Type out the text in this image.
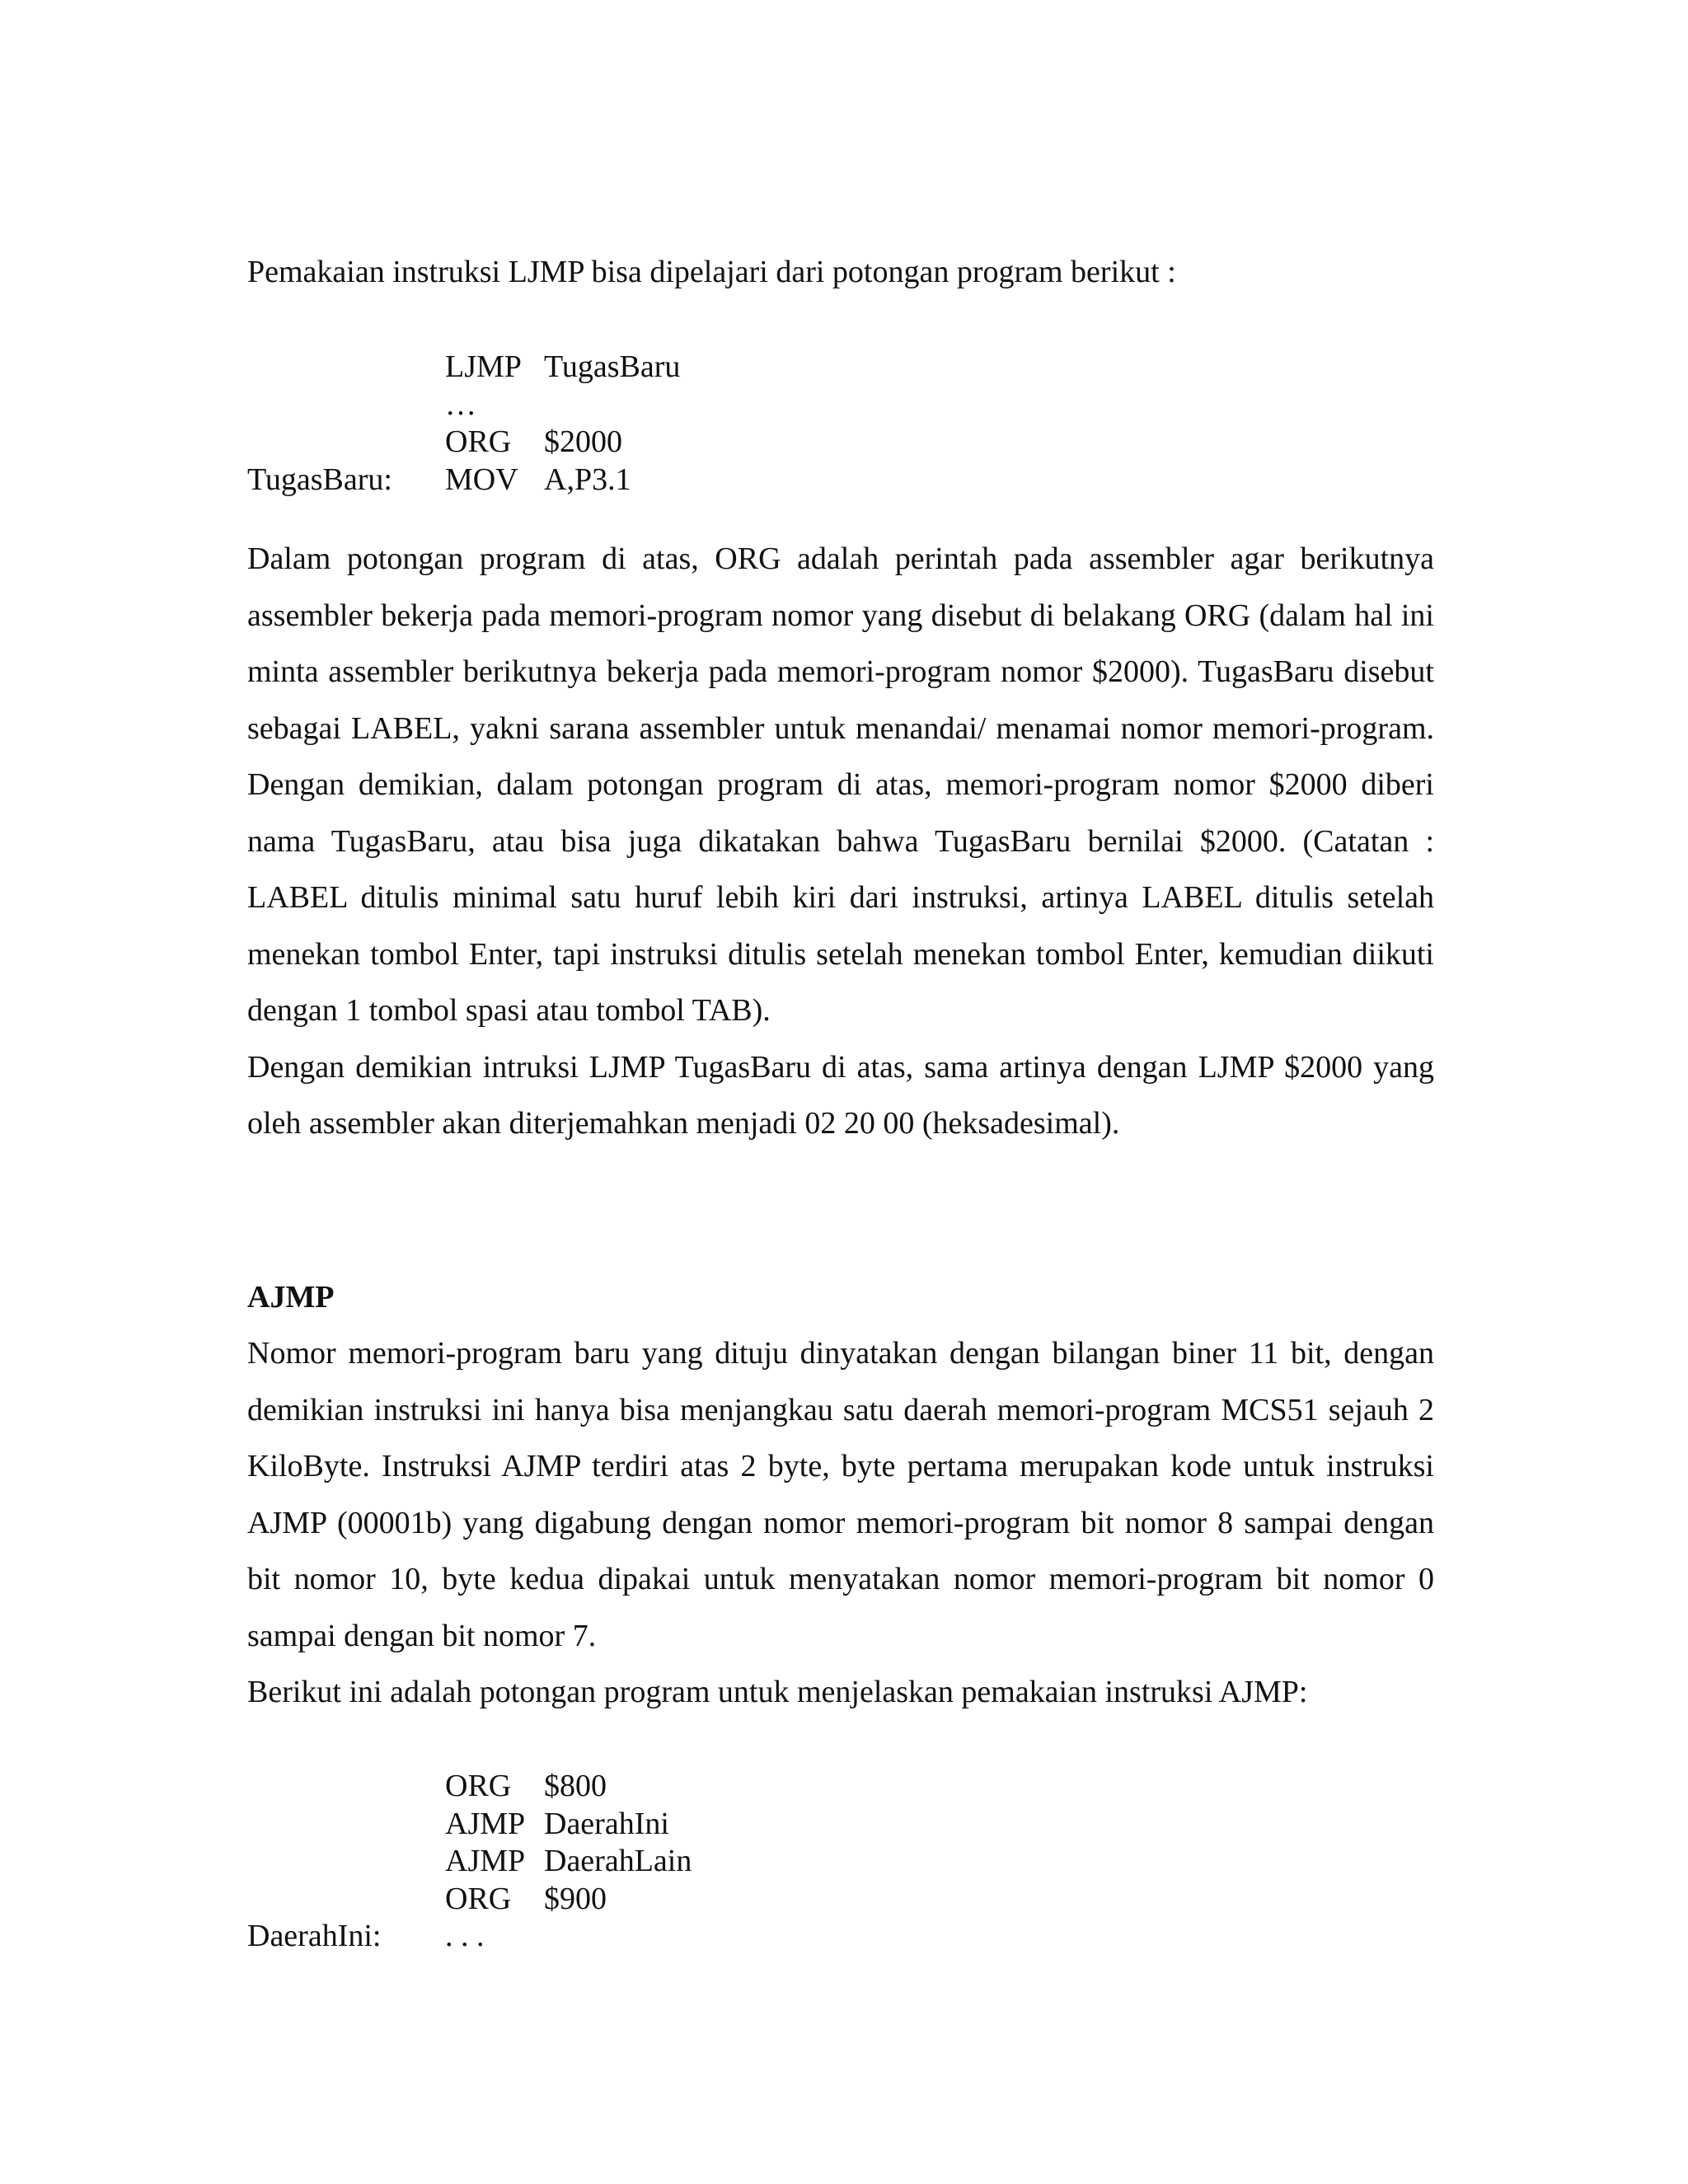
Pemakaian instruksi LJMP bisa dipelajari dari potongan program berikut :

LJMP TugasBaru
…
ORG $2000
TugasBaru: MOV A,P3.1

Dalam potongan program di atas, ORG adalah perintah pada assembler agar berikutnya assembler bekerja pada memori-program nomor yang disebut di belakang ORG (dalam hal ini minta assembler berikutnya bekerja pada memori-program nomor $2000). TugasBaru disebut sebagai LABEL, yakni sarana assembler untuk menandai/ menamai nomor memori-program. Dengan demikian, dalam potongan program di atas, memori-program nomor $2000 diberi nama TugasBaru, atau bisa juga dikatakan bahwa TugasBaru bernilai $2000. (Catatan : LABEL ditulis minimal satu huruf lebih kiri dari instruksi, artinya LABEL ditulis setelah menekan tombol Enter, tapi instruksi ditulis setelah menekan tombol Enter, kemudian diikuti dengan 1 tombol spasi atau tombol TAB).

Dengan demikian intruksi LJMP TugasBaru di atas, sama artinya dengan LJMP $2000 yang oleh assembler akan diterjemahkan menjadi 02 20 00 (heksadesimal).

AJMP

Nomor memori-program baru yang dituju dinyatakan dengan bilangan biner 11 bit, dengan demikian instruksi ini hanya bisa menjangkau satu daerah memori-program MCS51 sejauh 2 KiloByte. Instruksi AJMP terdiri atas 2 byte, byte pertama merupakan kode untuk instruksi AJMP (00001b) yang digabung dengan nomor memori-program bit nomor 8 sampai dengan bit nomor 10, byte kedua dipakai untuk menyatakan nomor memori-program bit nomor 0 sampai dengan bit nomor 7.

Berikut ini adalah potongan program untuk menjelaskan pemakaian instruksi AJMP:

ORG $800
AJMP DaerahIni
AJMP DaerahLain
ORG $900
DaerahIni: . . .
